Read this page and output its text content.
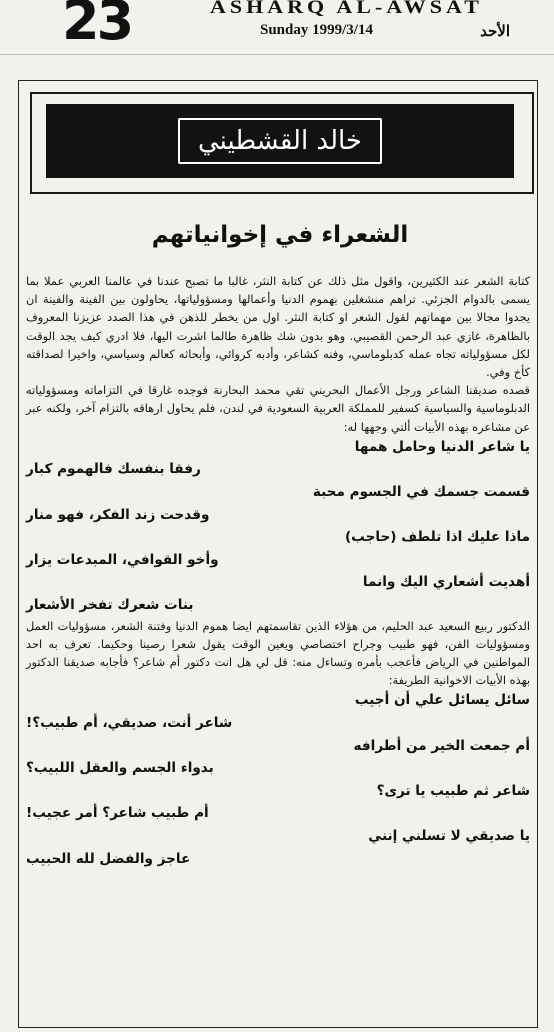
23	ASHARQ AL-AWSAT
Sunday 1999/3/14	الأحد
خالد القشطيني
الشعراء في إخوانياتهم

كتابة الشعر عند الكثيرين، واقول مثل ذلك عن كتابة النثر، غالبا ما تصبح عندنا في عالمنا العربي عملا بما يسمى بالدوام الجزئي. تراهم منشغلين بهموم الدنيا وأعمالها ومسؤولياتها، يحاولون بين الفينة والفينة ان يجدوا مجالا بين مهماتهم لقول الشعر او كتابة النثر. اول من يخطر للذهن في هذا الصدد عزيزنا المعروف بالظاهرة، غازي عبد الرحمن القصيبي. وهو بدون شك ظاهرة طالما اشرت اليها، فلا ادري كيف يجد الوقت لكل مسؤولياته تجاه عمله كدبلوماسي، وفنه كشاعر، وأدبه كروائي، وأبحاثه كعالم وسياسي، واخيرا لصداقته كأخ وفي.

قصده صديقنا الشاعر ورجل الأعمال البحريني تقي محمد البحارنة فوجده غارقا في التزاماته ومسؤولياته الدبلوماسية والسياسية كسفير للمملكة العربية السعودية في لندن، فلم يحاول ارهاقه بالتزام آخر، ولكنه عبر عن مشاعره بهذه الأبيات ألتي وجهها له:

يا شاعر الدنيا وحامل همها
رفقا بنفسك فالهموم كبار
قسمت جسمك في الجسوم محبة
وقدحت زند الفكر، فهو منار
ماذا عليك اذا تلطف (حاجب)
وأخو القوافي، المبدعات يزار
أهديت أشعاري اليك وانما
بنات شعرك تفخر الأشعار

الدكتور ربيع السعيد عبد الحليم، من هؤلاء الذين تقاسمتهم ايضا هموم الدنيا وفتنة الشعر، مسؤوليات العمل ومسؤوليات الفن، فهو طبيب وجراح اختصاصي ويعين الوقت يقول شعرا رصينا وحكيما. تعرف به احد المواطنين في الرياض فأعجب بأمره وتساءل منه: قل لي هل انت دكتور أم شاعر؟ فأجابه صديقنا الدكتور بهذه الأبيات الاخوانية الطريفة:

سائل يسائل علي أن أجيب
شاعر أنت، صديقي، أم طبيب؟!
أم جمعت الخير من أطرافه
بدواء الجسم والعقل اللبيب؟
شاعر ثم طبيب يا ترى؟
أم طبيب شاعر؟ أمر عجيب!
يا صديقي لا تسلني إنني
عاجز والفضل لله الحبيب
